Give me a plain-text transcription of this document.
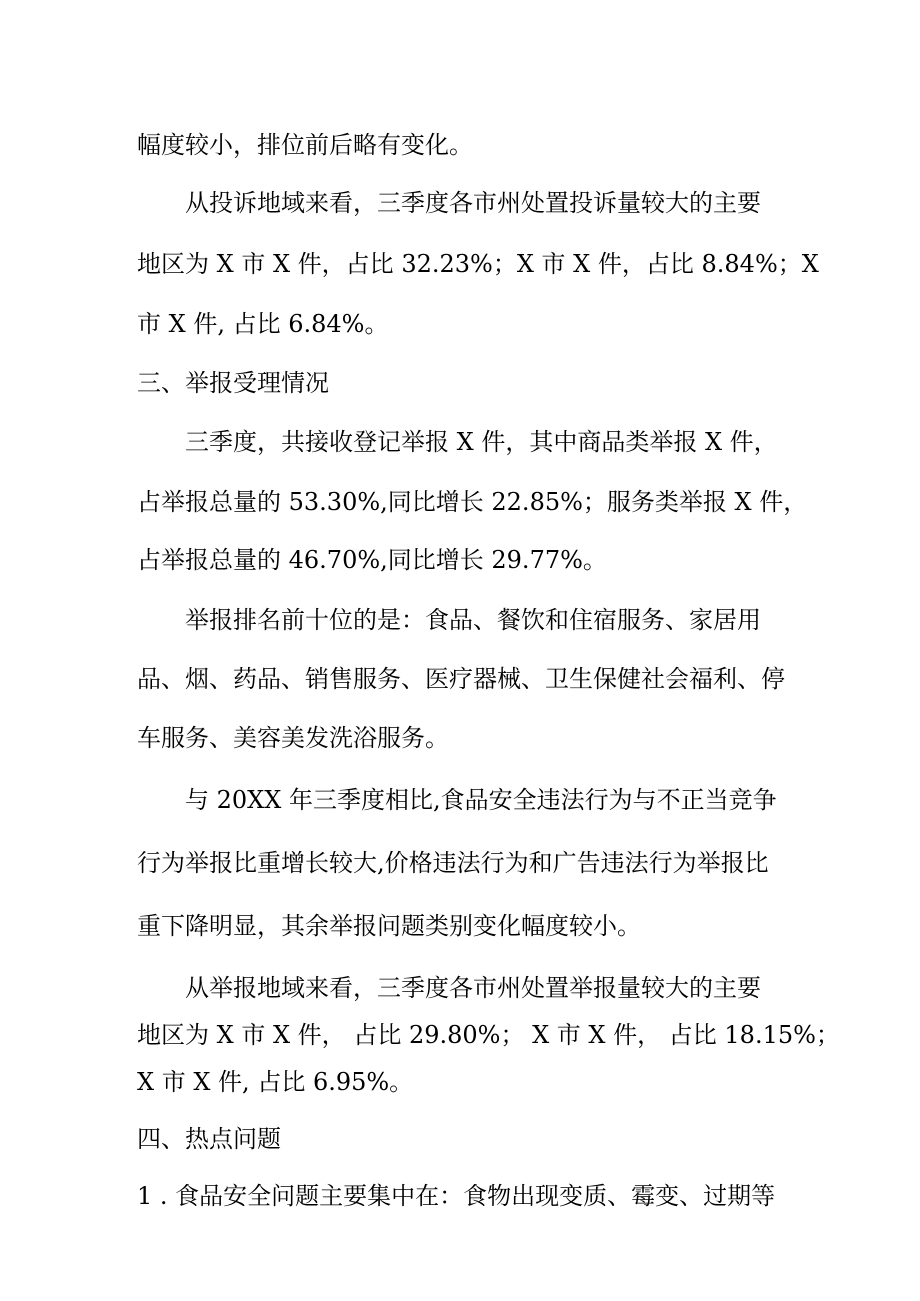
幅度较小，排位前后略有变化。
从投诉地域来看，三季度各市州处置投诉量较大的主要
地区为 X 市 X 件，占比 32.23%；X 市 X 件，占比 8.84%；X
市 X 件, 占比 6.84%。
三、举报受理情况
三季度，共接收登记举报 X 件，其中商品类举报 X 件，
占举报总量的 53.30%,同比增长 22.85%；服务类举报 X 件，
占举报总量的 46.70%,同比增长 29.77%。
举报排名前十位的是：食品、餐饮和住宿服务、家居用
品、烟、药品、销售服务、医疗器械、卫生保健社会福利、停
车服务、美容美发洗浴服务。
与 20XX 年三季度相比,食品安全违法行为与不正当竞争
行为举报比重增长较大,价格违法行为和广告违法行为举报比
重下降明显，其余举报问题类别变化幅度较小。
从举报地域来看，三季度各市州处置举报量较大的主要
地区为 X 市 X 件， 占比 29.80%； X 市 X 件， 占比 18.15%；
X 市 X 件, 占比 6.95%。
四、热点问题
1 . 食品安全问题主要集中在：食物出现变质、霉变、过期等
